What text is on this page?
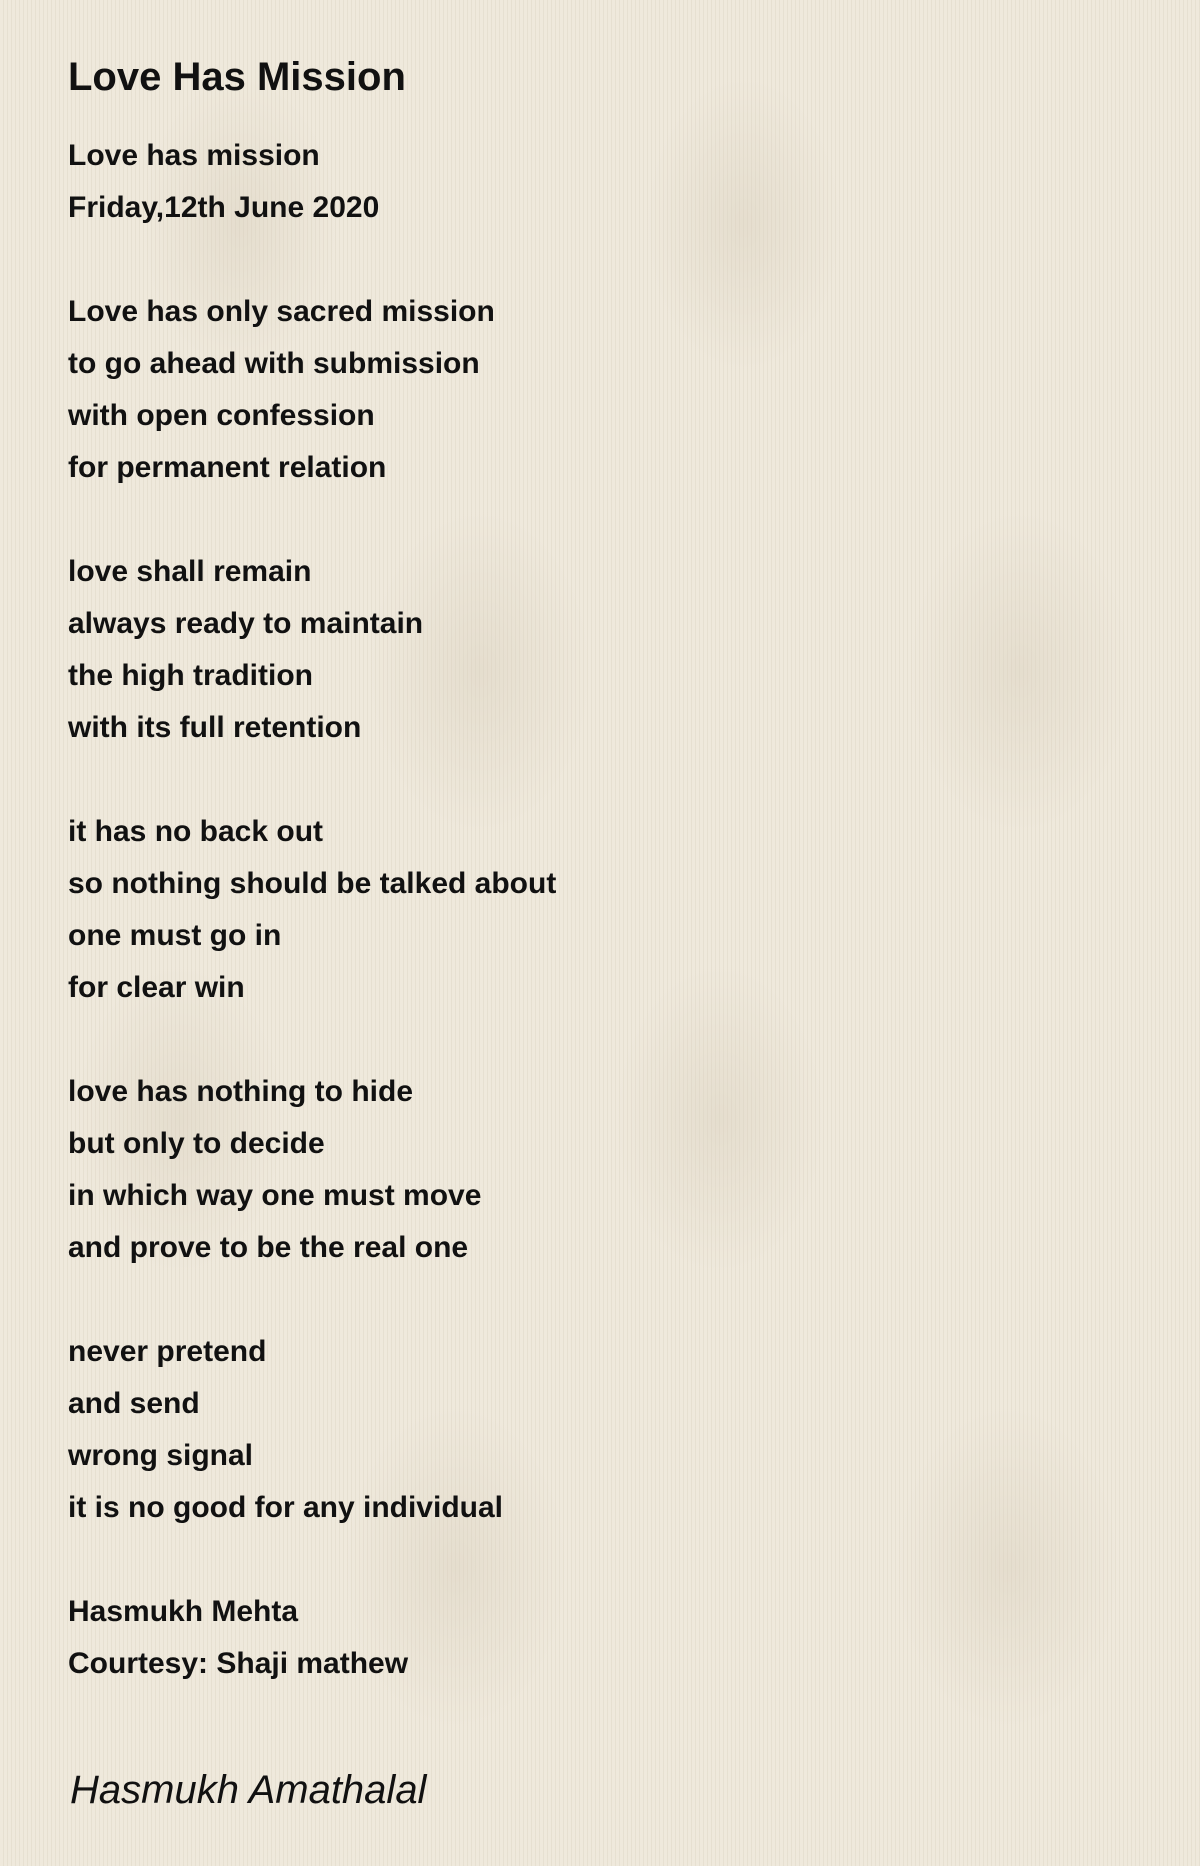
Love Has Mission
Love has mission
Friday,12th June 2020
Love has only sacred mission
to go ahead with submission
with open confession
for permanent relation
love shall remain
always ready to maintain
the high tradition
with its full retention
it has no back out
so nothing should be talked about
one must go in
for clear win
love has nothing to hide
but only to decide
in which way one must move
and prove to be the real one
never pretend
and send
wrong signal
it is no good for any individual
Hasmukh Mehta
Courtesy: Shaji mathew
Hasmukh Amathalal
